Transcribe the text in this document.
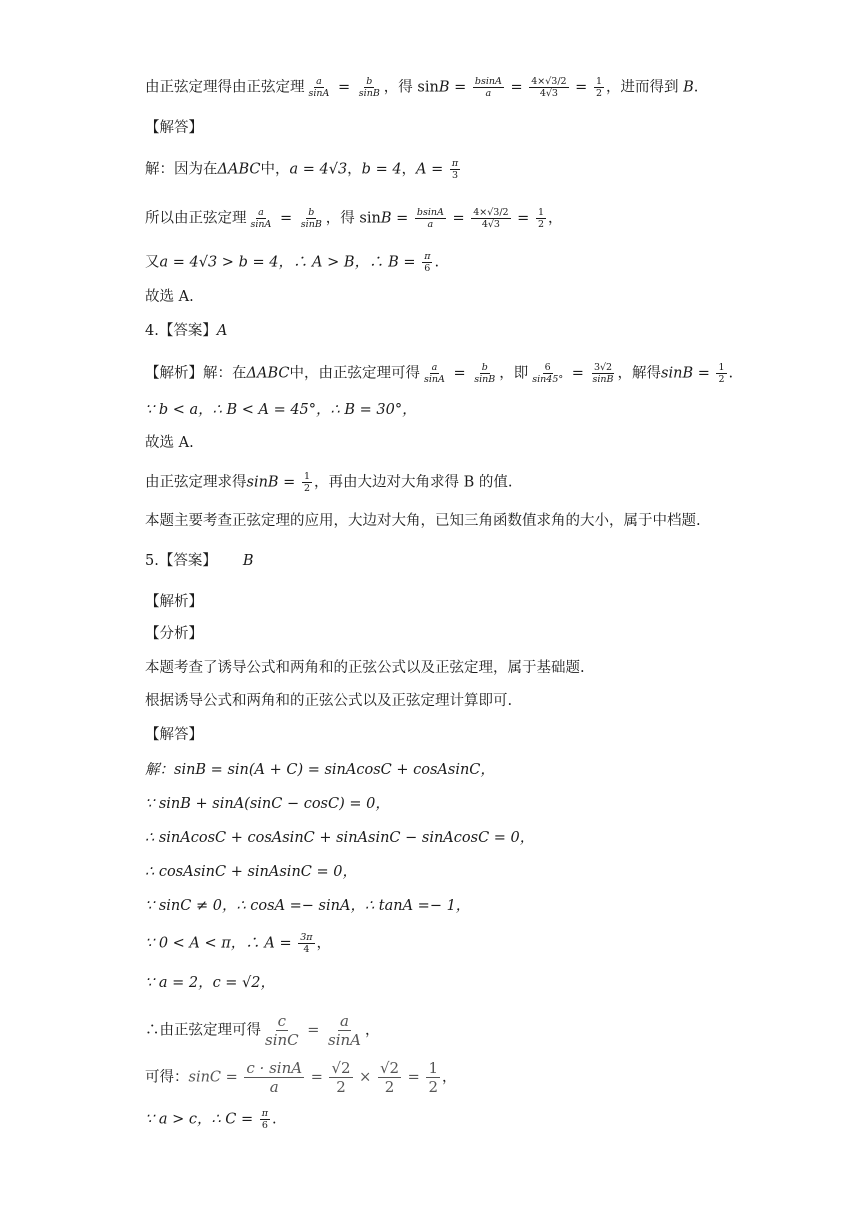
由正弦定理得由正弦定理 $\frac{a}{\sin A} = \frac{b}{\sin B}$ ，得 $\sin B = \frac{bsinA}{a} = \frac{4\times√3/2}{4√3} = \frac{1}{2}$ ，进而得到 B.
【解答】
解：因为在ΔABC中，a = 4√3，b = 4，$A = \frac{\pi}{3}$
所以由正弦定理 $\frac{a}{\sin A} = \frac{b}{\sin B}$ ，得 $\sin B = \frac{bsinA}{a} = \frac{4\times√3/2}{4√3} = \frac{1}{2}$ ，
又a = 4√3 > b = 4，∴ A > B，∴ $B = \frac{\pi}{6}$ .
故选 A.
4.【答案】A
【解析】解：在ΔABC中，由正弦定理可得 $\frac{a}{\sin A} = \frac{b}{\sin B}$ ，即 $\frac{6}{\sin 45^\circ} = \frac{3√2}{\sin B}$ ，解得$\sin B = \frac{1}{2}$ .
∵ b < a，∴ B < A = 45°，∴ B = 30°，
故选 A.
由正弦定理求得$\sin B = \frac{1}{2}$ ，再由大边对大角求得 B 的值.
本题主要考查正弦定理的应用，大边对大角，已知三角函数值求角的大小，属于中档题.
5.【答案】 B
【解析】
【分析】
本题考查了诱导公式和两角和的正弦公式以及正弦定理，属于基础题.
根据诱导公式和两角和的正弦公式以及正弦定理计算即可.
【解答】
解：sinB = sin(A + C) = sinAcosC + cosAsinC，
∵ sinB + sinA(sinC − cosC) = 0，
∴ sinAcosC + cosAsinC + sinAsinC − sinAcosC = 0，
∴ cosAsinC + sinAsinC = 0，
∵ sinC ≠ 0，∴ cosA =− sinA，∴ tanA =− 1，
∵ 0 < A < π，∴ $A = \frac{3\pi}{4}$ ，
∵ a = 2，c = √2，
∴由正弦定理可得 $\frac{c}{\sin C} = \frac{a}{\sin A}$ ，
可得：$\sin C = \frac{c \cdot \sin A}{a} = \frac{√2}{2} \times \frac{√2}{2} = \frac{1}{2}$ ，
∵ a > c，∴ $C = \frac{\pi}{6}$ .
